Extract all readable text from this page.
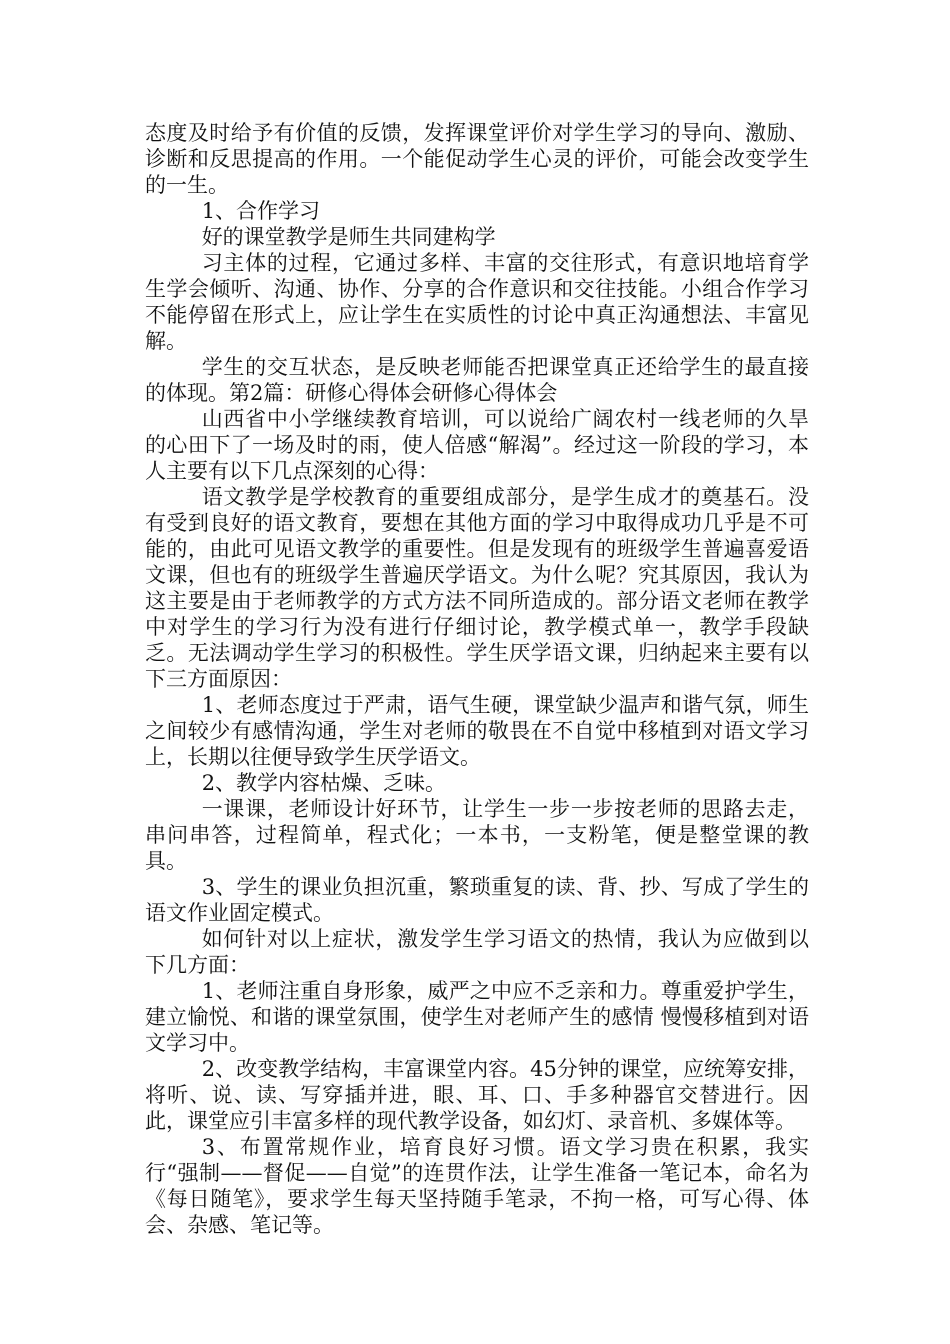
态度及时给予有价值的反馈，发挥课堂评价对学生学习的导向、激励、诊断和反思提高的作用。一个能促动学生心灵的评价，可能会改变学生的一生。

1、合作学习

好的课堂教学是师生共同建构学

习主体的过程，它通过多样、丰富的交往形式，有意识地培育学生学会倾听、沟通、协作、分享的合作意识和交往技能。小组合作学习不能停留在形式上，应让学生在实质性的讨论中真正沟通想法、丰富见解。

学生的交互状态，是反映老师能否把课堂真正还给学生的最直接的体现。第2篇：研修心得体会研修心得体会

山西省中小学继续教育培训，可以说给广阔农村一线老师的久旱的心田下了一场及时的雨，使人倍感“解渴”。经过这一阶段的学习，本人主要有以下几点深刻的心得：

语文教学是学校教育的重要组成部分，是学生成才的奠基石。没有受到良好的语文教育，要想在其他方面的学习中取得成功几乎是不可能的，由此可见语文教学的重要性。但是发现有的班级学生普遍喜爱语文课，但也有的班级学生普遍厌学语文。为什么呢？究其原因，我认为这主要是由于老师教学的方式方法不同所造成的。部分语文老师在教学中对学生的学习行为没有进行仔细讨论，教学模式单一，教学手段缺乏。无法调动学生学习的积极性。学生厌学语文课，归纳起来主要有以下三方面原因：

1、老师态度过于严肃，语气生硬，课堂缺少温声和谐气氛，师生之间较少有感情沟通，学生对老师的敬畏在不自觉中移植到对语文学习上，长期以往便导致学生厌学语文。

2、教学内容枯燥、乏味。

一课课，老师设计好环节，让学生一步一步按老师的思路去走，串问串答，过程简单，程式化；一本书，一支粉笔，便是整堂课的教具。

3、学生的课业负担沉重，繁琐重复的读、背、抄、写成了学生的语文作业固定模式。

如何针对以上症状，激发学生学习语文的热情，我认为应做到以下几方面：

1、老师注重自身形象，威严之中应不乏亲和力。尊重爱护学生，建立愉悦、和谐的课堂氛围，使学生对老师产生的感情 慢慢移植到对语文学习中。

2、改变教学结构，丰富课堂内容。45分钟的课堂，应统筹安排，将听、说、读、写穿插并进，眼、耳、口、手多种器官交替进行。因此，课堂应引丰富多样的现代教学设备，如幻灯、录音机、多媒体等。

3、布置常规作业，培育良好习惯。语文学习贵在积累，我实行“强制——督促——自觉”的连贯作法，让学生准备一笔记本，命名为《每日随笔》，要求学生每天坚持随手笔录，不拘一格，可写心得、体会、杂感、笔记等。
